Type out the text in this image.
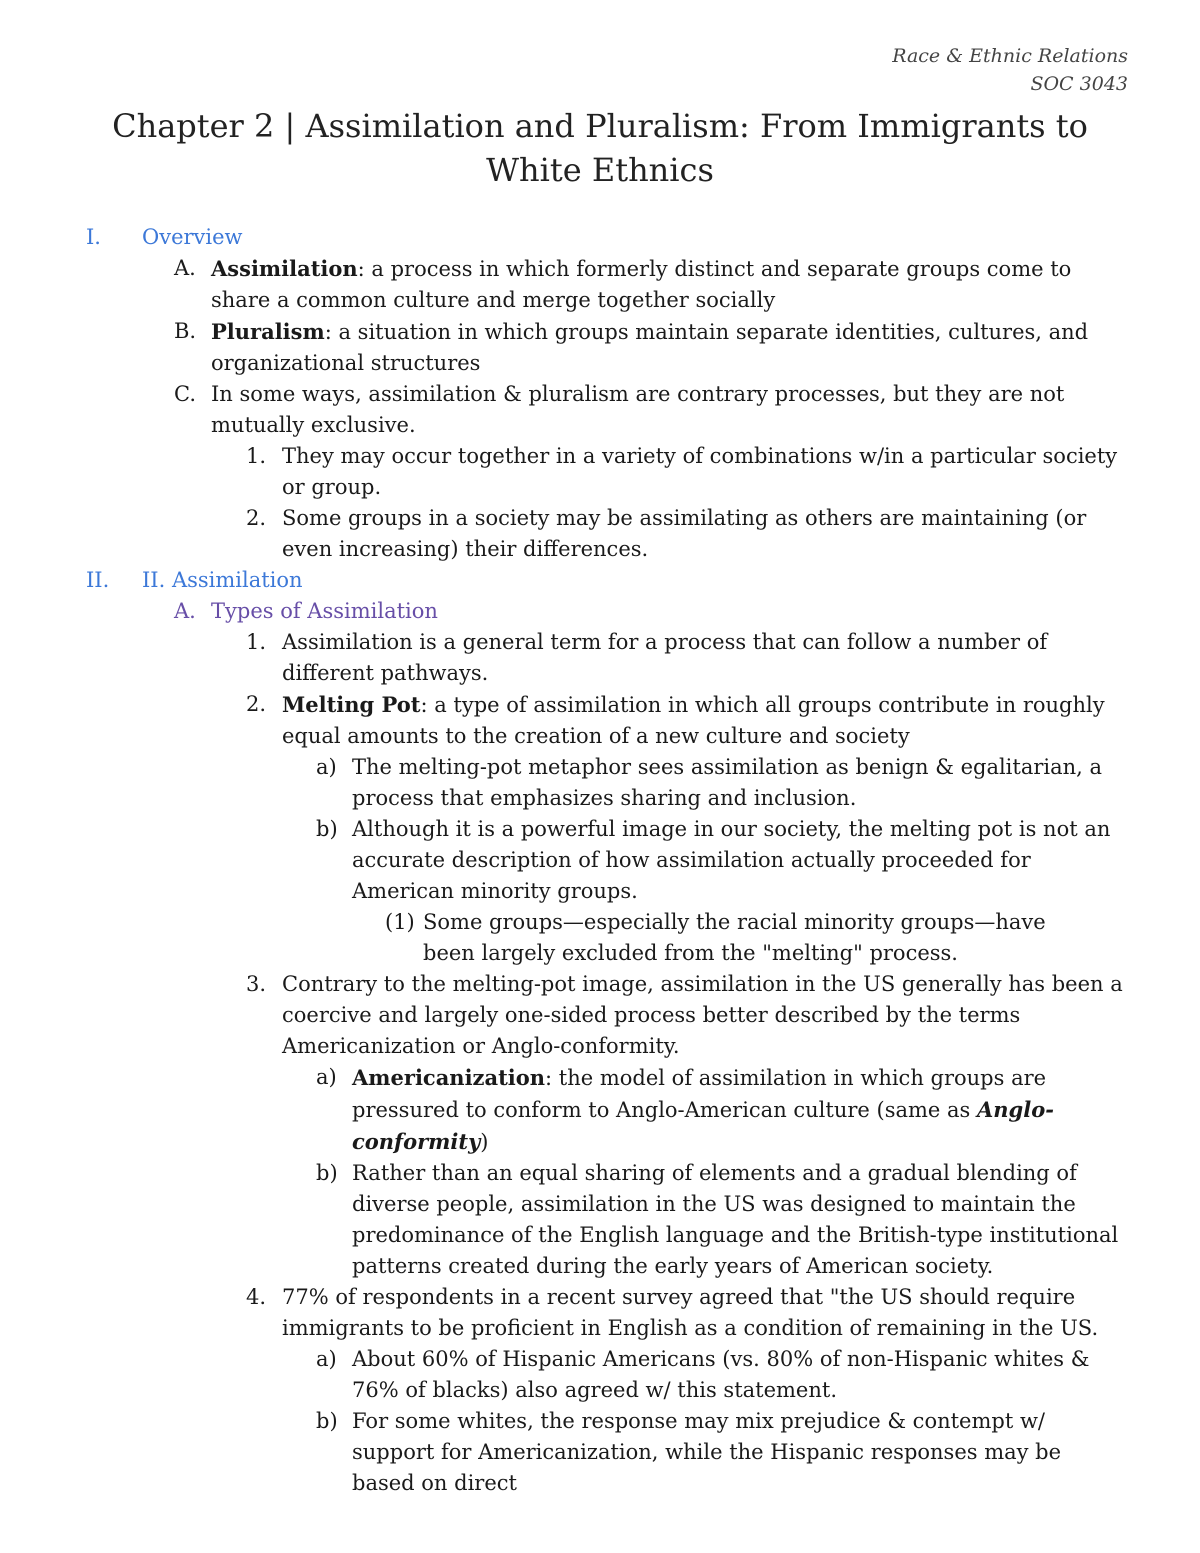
Race & Ethnic Relations
SOC 3043
Chapter 2 | Assimilation and Pluralism: From Immigrants to White Ethnics
I. Overview
A. Assimilation: a process in which formerly distinct and separate groups come to share a common culture and merge together socially
B. Pluralism: a situation in which groups maintain separate identities, cultures, and organizational structures
C. In some ways, assimilation & pluralism are contrary processes, but they are not mutually exclusive.
1. They may occur together in a variety of combinations w/in a particular society or group.
2. Some groups in a society may be assimilating as others are maintaining (or even increasing) their differences.
II. II. Assimilation
A. Types of Assimilation
1. Assimilation is a general term for a process that can follow a number of different pathways.
2. Melting Pot: a type of assimilation in which all groups contribute in roughly equal amounts to the creation of a new culture and society
a) The melting-pot metaphor sees assimilation as benign & egalitarian, a process that emphasizes sharing and inclusion.
b) Although it is a powerful image in our society, the melting pot is not an accurate description of how assimilation actually proceeded for American minority groups.
(1) Some groups—especially the racial minority groups—have been largely excluded from the "melting" process.
3. Contrary to the melting-pot image, assimilation in the US generally has been a coercive and largely one-sided process better described by the terms Americanization or Anglo-conformity.
a) Americanization: the model of assimilation in which groups are pressured to conform to Anglo-American culture (same as Anglo-conformity)
b) Rather than an equal sharing of elements and a gradual blending of diverse people, assimilation in the US was designed to maintain the predominance of the English language and the British-type institutional patterns created during the early years of American society.
4. 77% of respondents in a recent survey agreed that "the US should require immigrants to be proficient in English as a condition of remaining in the US.
a) About 60% of Hispanic Americans (vs. 80% of non-Hispanic whites & 76% of blacks) also agreed w/ this statement.
b) For some whites, the response may mix prejudice & contempt w/ support for Americanization, while the Hispanic responses may be based on direct
